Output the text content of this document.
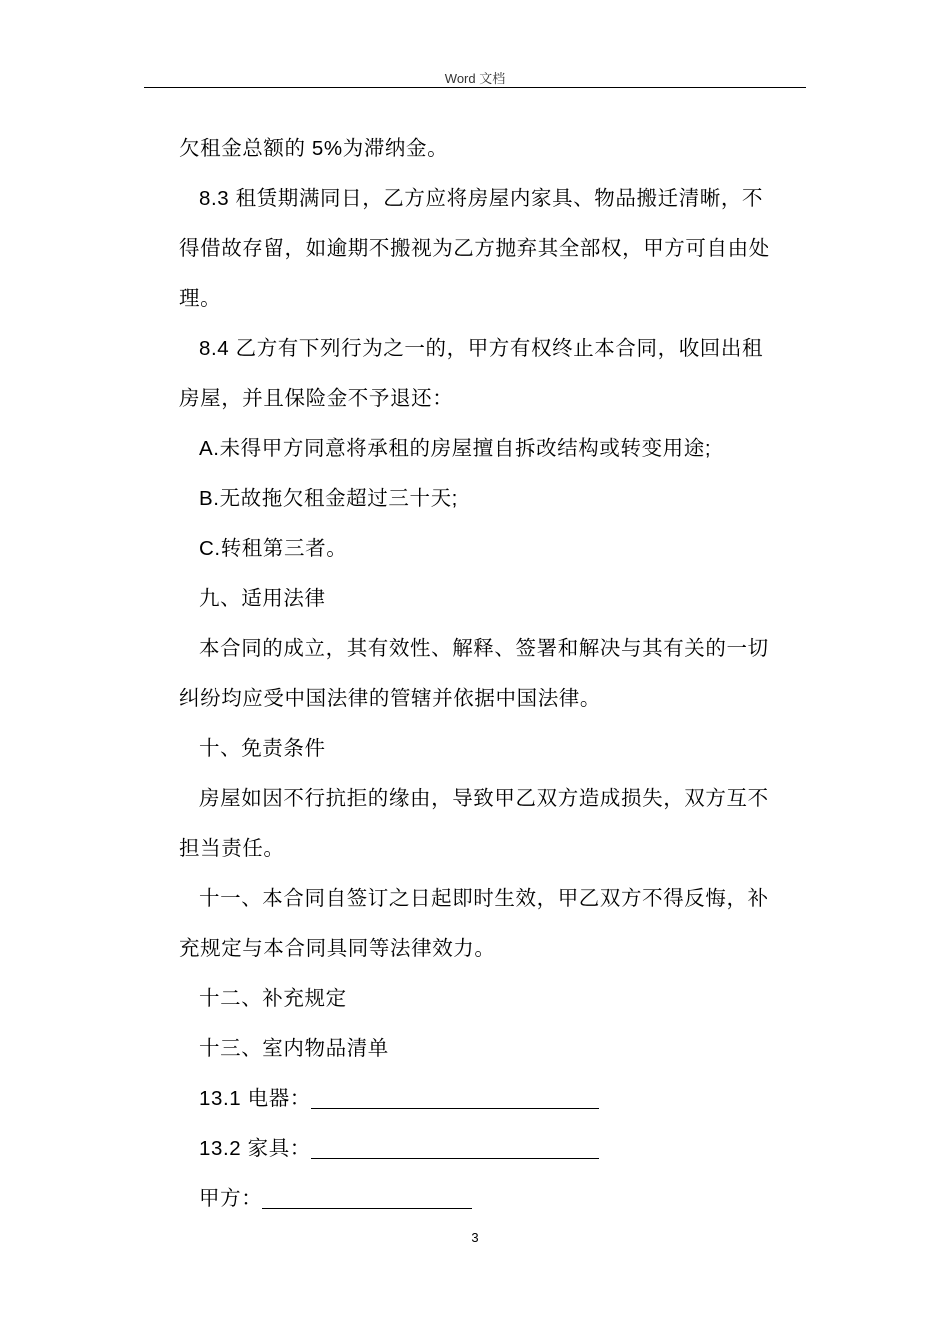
Word 文档
欠租金总额的 5%为滞纳金。
8.3 租赁期满同日，乙方应将房屋内家具、物品搬迁清晰，不
得借故存留，如逾期不搬视为乙方抛弃其全部权，甲方可自由处
理。
8.4 乙方有下列行为之一的，甲方有权终止本合同，收回出租
房屋，并且保险金不予退还：
A.未得甲方同意将承租的房屋擅自拆改结构或转变用途;
B.无故拖欠租金超过三十天;
C.转租第三者。
九、适用法律
本合同的成立，其有效性、解释、签署和解决与其有关的一切
纠纷均应受中国法律的管辖并依据中国法律。
十、免责条件
房屋如因不行抗拒的缘由，导致甲乙双方造成损失，双方互不
担当责任。
十一、本合同自签订之日起即时生效，甲乙双方不得反悔，补
充规定与本合同具同等法律效力。
十二、补充规定
十三、室内物品清单
13.1 电器：
13.2 家具：
甲方：
3
